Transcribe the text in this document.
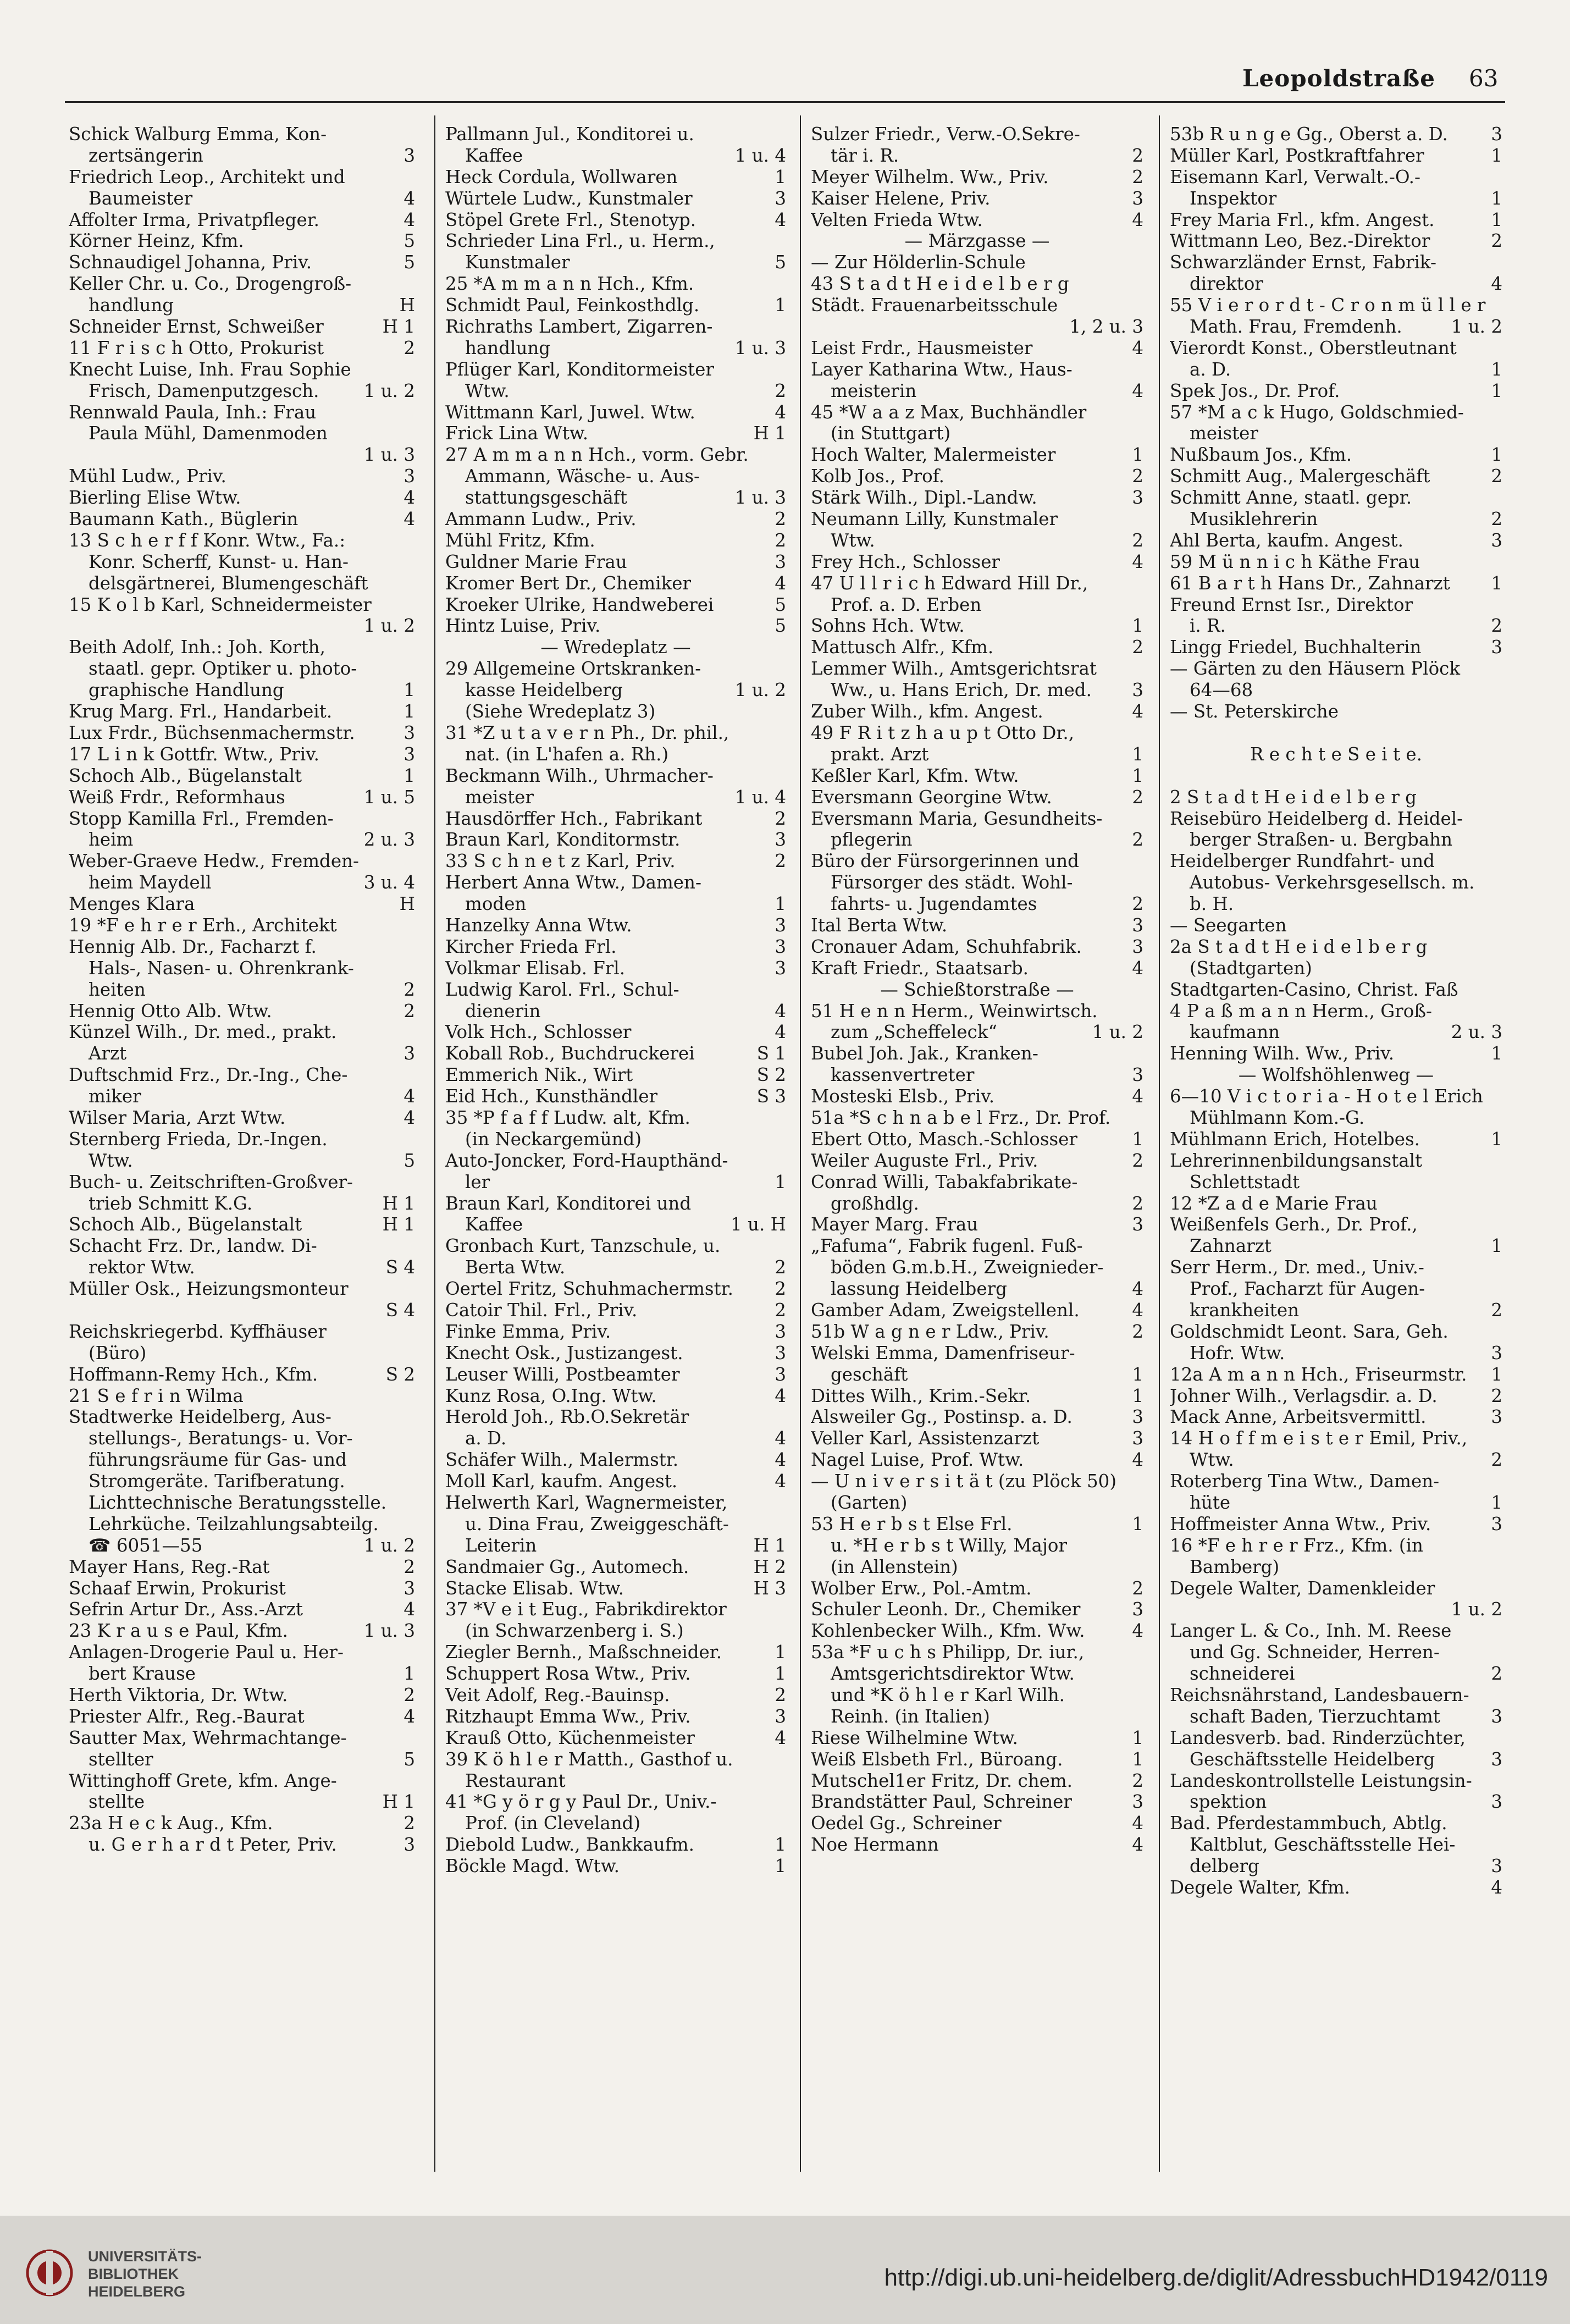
Leopoldstraße 63
Schick Walburg Emma, Kon-
zertsängerin	3
Friedrich Leop., Architekt und
Baumeister	4
Affolter Irma, Privatpfleger.	4
Körner Heinz, Kfm.	5
Schnaudigel Johanna, Priv.	5
Keller Chr. u. Co., Drogengroß-
handlung	H
Schneider Ernst, Schweißer	H 1
11 F r i s c h Otto, Prokurist	2
Knecht Luise, Inh. Frau Sophie
Frisch, Damenputzgesch.	1 u. 2
Rennwald Paula, Inh.: Frau
Paula Mühl, Damenmoden
1 u. 3
Mühl Ludw., Priv.	3
Bierling Elise Wtw.	4
Baumann Kath., Büglerin	4
13 S c h e r f f Konr. Wtw., Fa.:
Konr. Scherff, Kunst- u. Han-
delsgärtnerei, Blumengeschäft
15 K o l b Karl, Schneidermeister
1 u. 2
Beith Adolf, Inh.: Joh. Korth,
staatl. gepr. Optiker u. photo-
graphische Handlung	1
Krug Marg. Frl., Handarbeit.	1
Lux Frdr., Büchsenmachermstr.	3
17 L i n k Gottfr. Wtw., Priv.	3
Schoch Alb., Bügelanstalt	1
Weiß Frdr., Reformhaus	1 u. 5
Stopp Kamilla Frl., Fremden-
heim	2 u. 3
Weber-Graeve Hedw., Fremden-
heim Maydell	3 u. 4
Menges Klara	H
19 *F e h r e r Erh., Architekt
Hennig Alb. Dr., Facharzt f.
Hals-, Nasen- u. Ohrenkrank-
heiten	2
Hennig Otto Alb. Wtw.	2
Künzel Wilh., Dr. med., prakt.
Arzt	3
Duftschmid Frz., Dr.-Ing., Che-
miker	4
Wilser Maria, Arzt Wtw.	4
Sternberg Frieda, Dr.-Ingen.
Wtw.	5
Buch- u. Zeitschriften-Großver-
trieb Schmitt K.G.	H 1
Schoch Alb., Bügelanstalt	H 1
Schacht Frz. Dr., landw. Di-
rektor Wtw.	S 4
Müller Osk., Heizungsmonteur
S 4
Reichskriegerbd. Kyffhäuser
(Büro)
Hoffmann-Remy Hch., Kfm.	S 2
21 S e f r i n Wilma
Stadtwerke Heidelberg, Aus-
stellungs-, Beratungs- u. Vor-
führungsräume für Gas- und
Stromgeräte. Tarifberatung.
Lichttechnische Beratungsstelle.
Lehrküche. Teilzahlungsabteilg.
☎ 6051—55	1 u. 2
Mayer Hans, Reg.-Rat	2
Schaaf Erwin, Prokurist	3
Sefrin Artur Dr., Ass.-Arzt	4
23 K r a u s e Paul, Kfm.	1 u. 3
Anlagen-Drogerie Paul u. Her-
bert Krause	1
Herth Viktoria, Dr. Wtw.	2
Priester Alfr., Reg.-Baurat	4
Sautter Max, Wehrmachtange-
stellter	5
Wittinghoff Grete, kfm. Ange-
stellte	H 1
23a H e c k Aug., Kfm.	2
u. G e r h a r d t Peter, Priv.	3
Pallmann Jul., Konditorei u.
Kaffee	1 u. 4
Heck Cordula, Wollwaren	1
Würtele Ludw., Kunstmaler	3
Stöpel Grete Frl., Stenotyp.	4
Schrieder Lina Frl., u. Herm.,
Kunstmaler	5
25 *A m m a n n Hch., Kfm.
Schmidt Paul, Feinkosthdlg.	1
Richraths Lambert, Zigarren-
handlung	1 u. 3
Pflüger Karl, Konditormeister
Wtw.	2
Wittmann Karl, Juwel. Wtw.	4
Frick Lina Wtw.	H 1
27 A m m a n n Hch., vorm. Gebr.
Ammann, Wäsche- u. Aus-
stattungsgeschäft	1 u. 3
Ammann Ludw., Priv.	2
Mühl Fritz, Kfm.	2
Guldner Marie Frau	3
Kromer Bert Dr., Chemiker	4
Kroeker Ulrike, Handweberei	5
Hintz Luise, Priv.	5
— Wredeplatz —
29 Allgemeine Ortskranken-
kasse Heidelberg	1 u. 2
(Siehe Wredeplatz 3)
31 *Z u t a v e r n Ph., Dr. phil.,
nat. (in L'hafen a. Rh.)
Beckmann Wilh., Uhrmacher-
meister	1 u. 4
Hausdörffer Hch., Fabrikant	2
Braun Karl, Konditormstr.	3
33 S c h n e t z Karl, Priv.	2
Herbert Anna Wtw., Damen-
moden	1
Hanzelky Anna Wtw.	3
Kircher Frieda Frl.	3
Volkmar Elisab. Frl.	3
Ludwig Karol. Frl., Schul-
dienerin	4
Volk Hch., Schlosser	4
Koball Rob., Buchdruckerei	S 1
Emmerich Nik., Wirt	S 2
Eid Hch., Kunsthändler	S 3
35 *P f a f f Ludw. alt, Kfm.
(in Neckargemünd)
Auto-Joncker, Ford-Haupthänd-
ler	1
Braun Karl, Konditorei und
Kaffee	1 u. H
Gronbach Kurt, Tanzschule, u.
Berta Wtw.	2
Oertel Fritz, Schuhmachermstr.	2
Catoir Thil. Frl., Priv.	2
Finke Emma, Priv.	3
Knecht Osk., Justizangest.	3
Leuser Willi, Postbeamter	3
Kunz Rosa, O.Ing. Wtw.	4
Herold Joh., Rb.O.Sekretär
a. D.	4
Schäfer Wilh., Malermstr.	4
Moll Karl, kaufm. Angest.	4
Helwerth Karl, Wagnermeister,
u. Dina Frau, Zweiggeschäft-
Leiterin	H 1
Sandmaier Gg., Automech.	H 2
Stacke Elisab. Wtw.	H 3
37 *V e i t Eug., Fabrikdirektor
(in Schwarzenberg i. S.)
Ziegler Bernh., Maßschneider.	1
Schuppert Rosa Wtw., Priv.	1
Veit Adolf, Reg.-Bauinsp.	2
Ritzhaupt Emma Ww., Priv.	3
Krauß Otto, Küchenmeister	4
39 K ö h l e r Matth., Gasthof u.
Restaurant
41 *G y ö r g y Paul Dr., Univ.-
Prof. (in Cleveland)
Diebold Ludw., Bankkaufm.	1
Böckle Magd. Wtw.	1
Sulzer Friedr., Verw.-O.Sekre-
tär i. R.	2
Meyer Wilhelm. Ww., Priv.	2
Kaiser Helene, Priv.	3
Velten Frieda Wtw.	4
— Märzgasse —
— Zur Hölderlin-Schule
43 S t a d t H e i d e l b e r g
Städt. Frauenarbeitsschule
1, 2 u. 3
Leist Frdr., Hausmeister	4
Layer Katharina Wtw., Haus-
meisterin	4
45 *W a a z Max, Buchhändler
(in Stuttgart)
Hoch Walter, Malermeister	1
Kolb Jos., Prof.	2
Stärk Wilh., Dipl.-Landw.	3
Neumann Lilly, Kunstmaler
Wtw.	2
Frey Hch., Schlosser	4
47 U l l r i c h Edward Hill Dr.,
Prof. a. D. Erben
Sohns Hch. Wtw.	1
Mattusch Alfr., Kfm.	2
Lemmer Wilh., Amtsgerichtsrat
Ww., u. Hans Erich, Dr. med.	3
Zuber Wilh., kfm. Angest.	4
49 F R i t z h a u p t Otto Dr.,
prakt. Arzt	1
Keßler Karl, Kfm. Wtw.	1
Eversmann Georgine Wtw.	2
Eversmann Maria, Gesundheits-
pflegerin	2
Büro der Fürsorgerinnen und
Fürsorger des städt. Wohl-
fahrts- u. Jugendamtes	2
Ital Berta Wtw.	3
Cronauer Adam, Schuhfabrik.	3
Kraft Friedr., Staatsarb.	4
— Schießtorstraße —
51 H e n n Herm., Weinwirtsch.
zum „Scheffeleck“	1 u. 2
Bubel Joh. Jak., Kranken-
kassenvertreter	3
Mosteski Elsb., Priv.	4
51a *S c h n a b e l Frz., Dr. Prof.
Ebert Otto, Masch.-Schlosser	1
Weiler Auguste Frl., Priv.	2
Conrad Willi, Tabakfabrikate-
großhdlg.	2
Mayer Marg. Frau	3
„Fafuma“, Fabrik fugenl. Fuß-
böden G.m.b.H., Zweignieder-
lassung Heidelberg	4
Gamber Adam, Zweigstellenl.	4
51b W a g n e r Ldw., Priv.	2
Welski Emma, Damenfriseur-
geschäft	1
Dittes Wilh., Krim.-Sekr.	1
Alsweiler Gg., Postinsp. a. D.	3
Veller Karl, Assistenzarzt	3
Nagel Luise, Prof. Wtw.	4
— U n i v e r s i t ä t (zu Plöck 50)
(Garten)
53 H e r b s t Else Frl.	1
u. *H e r b s t Willy, Major
(in Allenstein)
Wolber Erw., Pol.-Amtm.	2
Schuler Leonh. Dr., Chemiker	3
Kohlenbecker Wilh., Kfm. Ww.	4
53a *F u c h s Philipp, Dr. iur.,
Amtsgerichtsdirektor Wtw.
und *K ö h l e r Karl Wilh.
Reinh. (in Italien)
Riese Wilhelmine Wtw.	1
Weiß Elsbeth Frl., Büroang.	1
Mutschel1er Fritz, Dr. chem.	2
Brandstätter Paul, Schreiner	3
Oedel Gg., Schreiner	4
Noe Hermann	4
53b R u n g e Gg., Oberst a. D.	3
Müller Karl, Postkraftfahrer	1
Eisemann Karl, Verwalt.-O.-
Inspektor	1
Frey Maria Frl., kfm. Angest.	1
Wittmann Leo, Bez.-Direktor	2
Schwarzländer Ernst, Fabrik-
direktor	4
55 V i e r o r d t - C r o n m ü l l e r
Math. Frau, Fremdenh.	1 u. 2
Vierordt Konst., Oberstleutnant
a. D.	1
Spek Jos., Dr. Prof.	1
57 *M a c k Hugo, Goldschmied-
meister
Nußbaum Jos., Kfm.	1
Schmitt Aug., Malergeschäft	2
Schmitt Anne, staatl. gepr.
Musiklehrerin	2
Ahl Berta, kaufm. Angest.	3
59 M ü n n i c h Käthe Frau
61 B a r t h Hans Dr., Zahnarzt	1
Freund Ernst Isr., Direktor
i. R.	2
Lingg Friedel, Buchhalterin	3
— Gärten zu den Häusern Plöck
64—68
— St. Peterskirche
R e c h t e S e i t e.
2 S t a d t H e i d e l b e r g
Reisebüro Heidelberg d. Heidel-
berger Straßen- u. Bergbahn
Heidelberger Rundfahrt- und
Autobus- Verkehrsgesellsch. m.
b. H.
— Seegarten
2a S t a d t H e i d e l b e r g
(Stadtgarten)
Stadtgarten-Casino, Christ. Faß
4 P a ß m a n n Herm., Groß-
kaufmann	2 u. 3
Henning Wilh. Ww., Priv.	1
— Wolfshöhlenweg —
6—10 V i c t o r i a - H o t e l Erich
Mühlmann Kom.-G.
Mühlmann Erich, Hotelbes.	1
Lehrerinnenbildungsanstalt
Schlettstadt
12 *Z a d e Marie Frau
Weißenfels Gerh., Dr. Prof.,
Zahnarzt	1
Serr Herm., Dr. med., Univ.-
Prof., Facharzt für Augen-
krankheiten	2
Goldschmidt Leont. Sara, Geh.
Hofr. Wtw.	3
12a A m a n n Hch., Friseurmstr.	1
Johner Wilh., Verlagsdir. a. D.	2
Mack Anne, Arbeitsvermittl.	3
14 H o f f m e i s t e r Emil, Priv.,
Wtw.	2
Roterberg Tina Wtw., Damen-
hüte	1
Hoffmeister Anna Wtw., Priv.	3
16 *F e h r e r Frz., Kfm. (in
Bamberg)
Degele Walter, Damenkleider
1 u. 2
Langer L. & Co., Inh. M. Reese
und Gg. Schneider, Herren-
schneiderei	2
Reichsnährstand, Landesbauern-
schaft Baden, Tierzuchtamt	3
Landesverb. bad. Rinderzüchter,
Geschäftsstelle Heidelberg	3
Landeskontrollstelle Leistungsin-
spektion	3
Bad. Pferdestammbuch, Abtlg.
Kaltblut, Geschäftsstelle Hei-
delberg	3
Degele Walter, Kfm.	4
UNIVERSITÄTS-
BIBLIOTHEK
HEIDELBERG
http://digi.ub.uni-heidelberg.de/diglit/AdressbuchHD1942/0119
